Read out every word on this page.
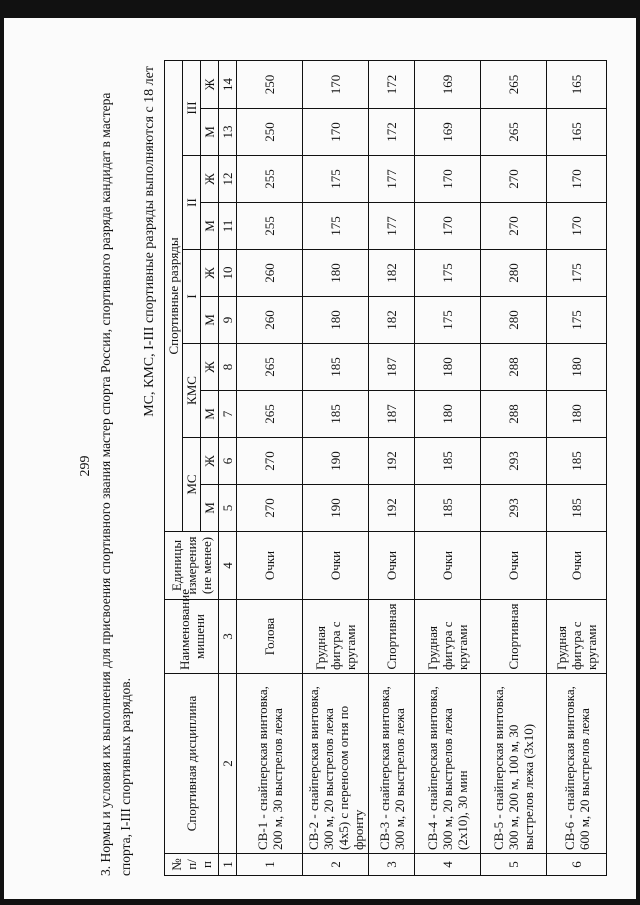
299 3. Нормы и условия их выполнения для присвоения спортивного звания мастер спорта России, спортивного разряда кандидат в мастера спорта, I-III спортивных разрядов.
МС, КМС, I-III спортивные разряды выполняются с 18 лет
№ п/п	Спортивная дисциплина	Наименование мишени	Единицы измерения (не менее)	Спортивные разряды									
				МС		КМС		I		II		III	
				М	Ж	М	Ж	М	Ж	М	Ж	М	Ж
1	2	3	4	5	6	7	8	9	10	11	12	13	14
1	СВ-1 - снайперская винтовка, 200 м, 30 выстрелов лежа	Голова	Очки	270	270	265	265	260	260	255	255	250	250
2	СВ-2 - снайперская винтовка, 300 м, 20 выстрелов лежа (4х5) с переносом огня по фронту	Грудная фигура с кругами	Очки	190	190	185	185	180	180	175	175	170	170
3	СВ-3 - снайперская винтовка, 300 м, 20 выстрелов лежа	Спортивная	Очки	192	192	187	187	182	182	177	177	172	172
4	СВ-4 - снайперская винтовка, 300 м, 20 выстрелов лежа (2х10), 30 мин	Грудная фигура с кругами	Очки	185	185	180	180	175	175	170	170	169	169
5	СВ-5 - снайперская винтовка, 300 м, 200 м, 100 м, 30 выстрелов лежа (3х10)	Спортивная	Очки	293	293	288	288	280	280	270	270	265	265
6	СВ-6 - снайперская винтовка, 600 м, 20 выстрелов лежа	Грудная фигура с кругами	Очки	185	185	180	180	175	175	170	170	165	165
